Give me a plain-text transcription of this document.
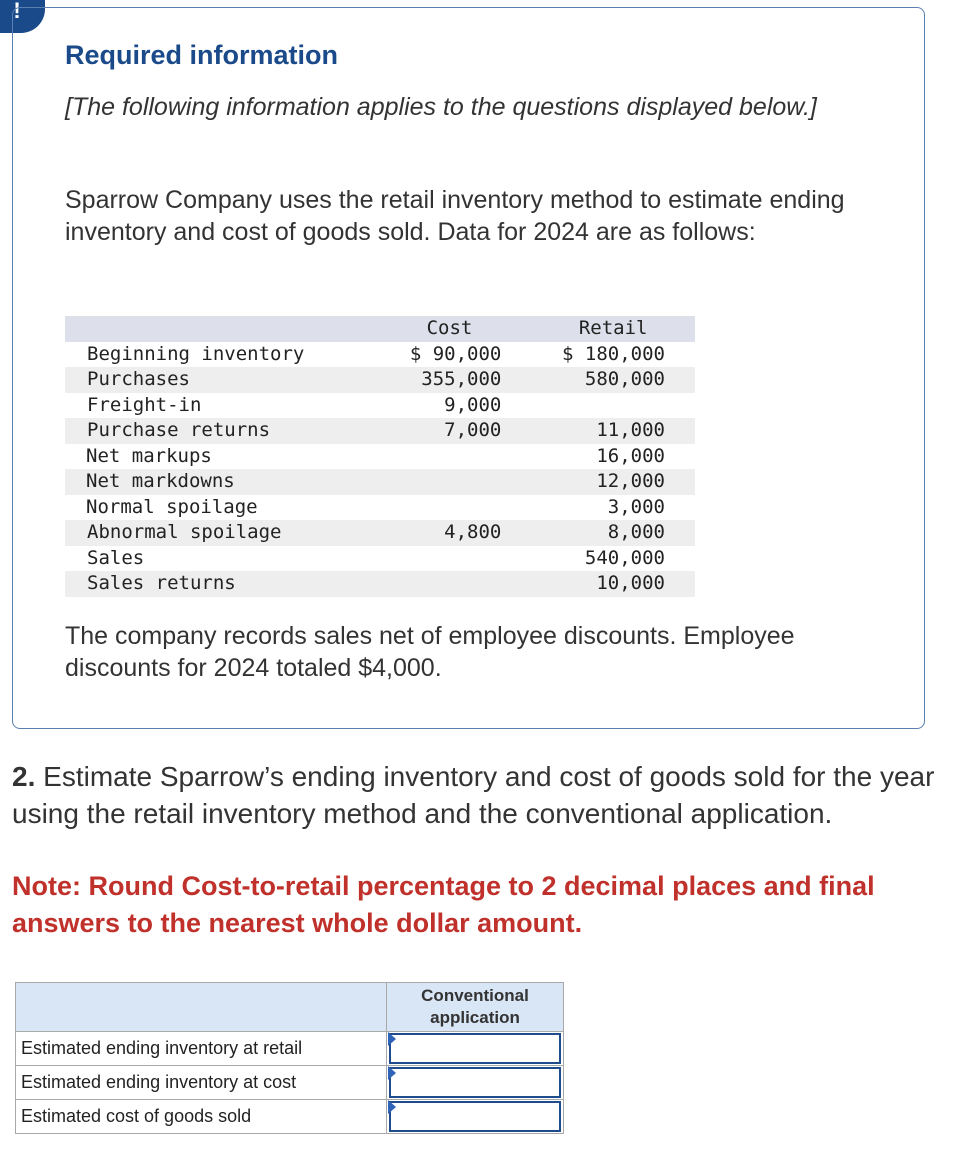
!
Required information
[The following information applies to the questions displayed below.]
Sparrow Company uses the retail inventory method to estimate ending inventory and cost of goods sold. Data for 2024 are as follows:
	Cost	Retail
Beginning inventory	$ 90,000	$ 180,000
Purchases	355,000	580,000
Freight-in	9,000	
Purchase returns	7,000	11,000
Net markups		16,000
Net markdowns		12,000
Normal spoilage		3,000
Abnormal spoilage	4,800	8,000
Sales		540,000
Sales returns		10,000
The company records sales net of employee discounts. Employee discounts for 2024 totaled $4,000.
2. Estimate Sparrow’s ending inventory and cost of goods sold for the year using the retail inventory method and the conventional application.
Note: Round Cost-to-retail percentage to 2 decimal places and final answers to the nearest whole dollar amount.
	Conventional application
Estimated ending inventory at retail	

Estimated ending inventory at cost	

Estimated cost of goods sold	
